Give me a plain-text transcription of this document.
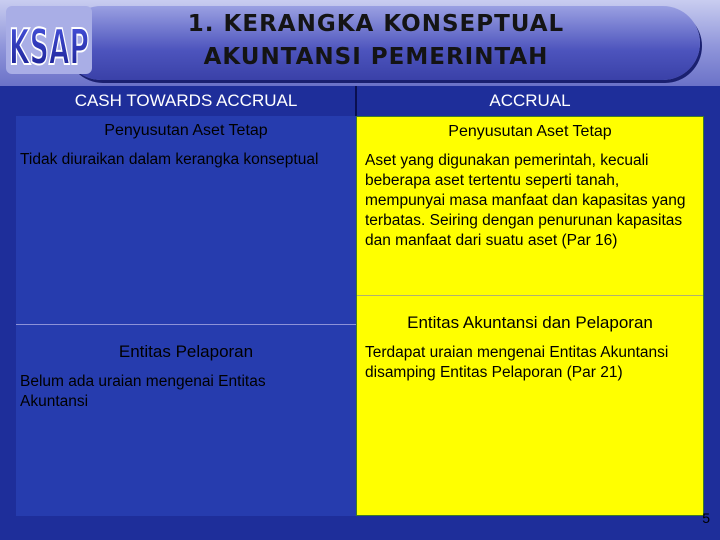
KSAP	1. KERANGKA KONSEPTUAL
AKUNTANSI PEMERINTAH
CASH TOWARDS ACCRUAL	ACCRUAL
Penyusutan Aset Tetap
Tidak diuraikan dalam kerangka konseptual
Entitas Pelaporan
Belum ada uraian mengenai Entitas Akuntansi
Penyusutan Aset Tetap
Aset yang digunakan pemerintah, kecuali beberapa aset tertentu seperti tanah, mempunyai masa manfaat dan kapasitas yang terbatas. Seiring dengan penurunan kapasitas dan manfaat dari suatu aset (Par 16)
Entitas Akuntansi dan Pelaporan
Terdapat uraian mengenai Entitas Akuntansi disamping Entitas Pelaporan (Par 21)
5
